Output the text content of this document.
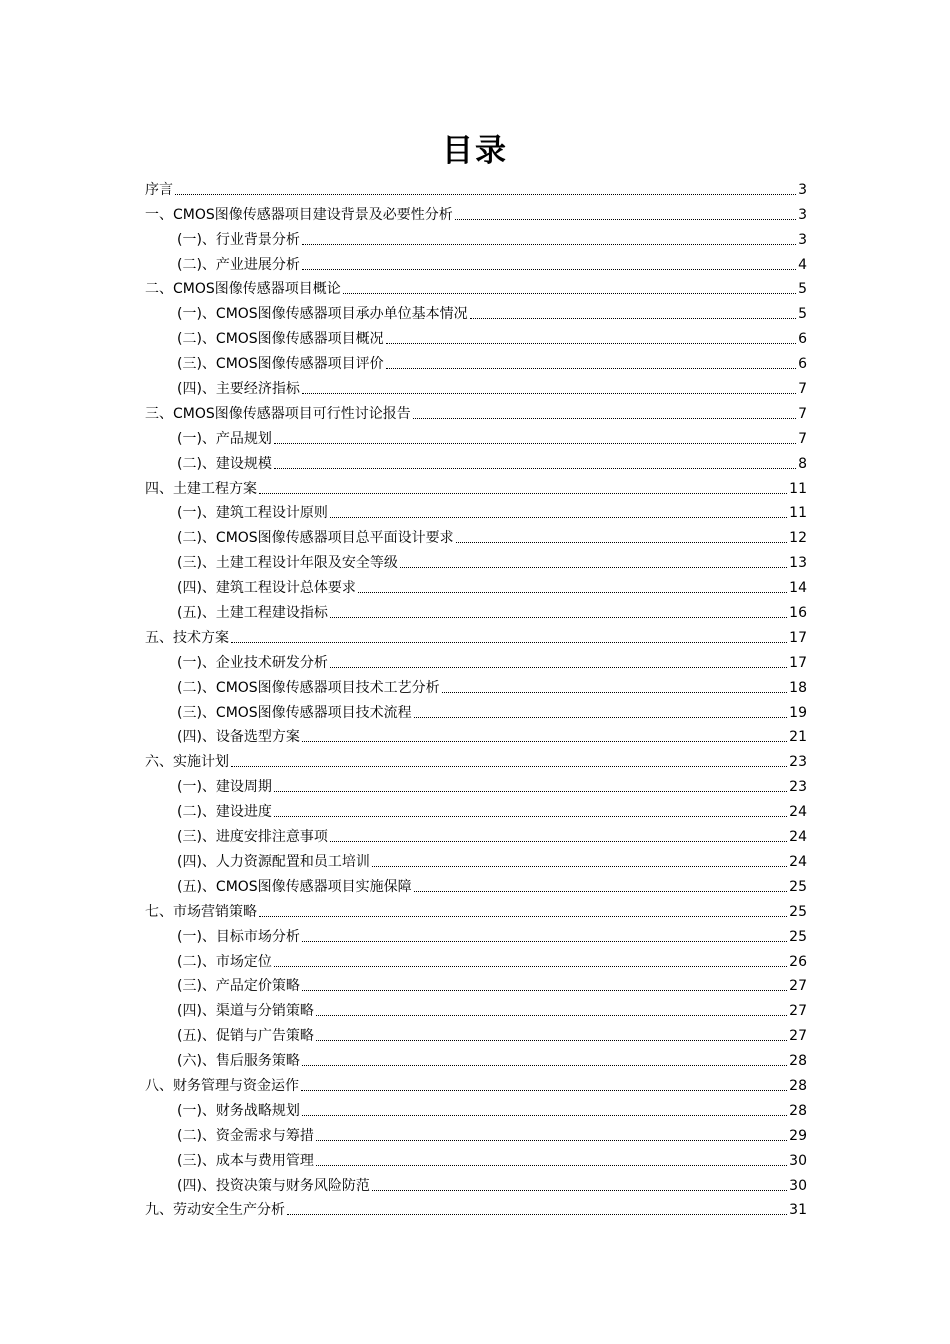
目录
序言	3
一、CMOS图像传感器项目建设背景及必要性分析	3
(一)、行业背景分析	3
(二)、产业进展分析	4
二、CMOS图像传感器项目概论	5
(一)、CMOS图像传感器项目承办单位基本情况	5
(二)、CMOS图像传感器项目概况	6
(三)、CMOS图像传感器项目评价	6
(四)、主要经济指标	7
三、CMOS图像传感器项目可行性讨论报告	7
(一)、产品规划	7
(二)、建设规模	8
四、土建工程方案	11
(一)、建筑工程设计原则	11
(二)、CMOS图像传感器项目总平面设计要求	12
(三)、土建工程设计年限及安全等级	13
(四)、建筑工程设计总体要求	14
(五)、土建工程建设指标	16
五、技术方案	17
(一)、企业技术研发分析	17
(二)、CMOS图像传感器项目技术工艺分析	18
(三)、CMOS图像传感器项目技术流程	19
(四)、设备选型方案	21
六、实施计划	23
(一)、建设周期	23
(二)、建设进度	24
(三)、进度安排注意事项	24
(四)、人力资源配置和员工培训	24
(五)、CMOS图像传感器项目实施保障	25
七、市场营销策略	25
(一)、目标市场分析	25
(二)、市场定位	26
(三)、产品定价策略	27
(四)、渠道与分销策略	27
(五)、促销与广告策略	27
(六)、售后服务策略	28
八、财务管理与资金运作	28
(一)、财务战略规划	28
(二)、资金需求与筹措	29
(三)、成本与费用管理	30
(四)、投资决策与财务风险防范	30
九、劳动安全生产分析	31
